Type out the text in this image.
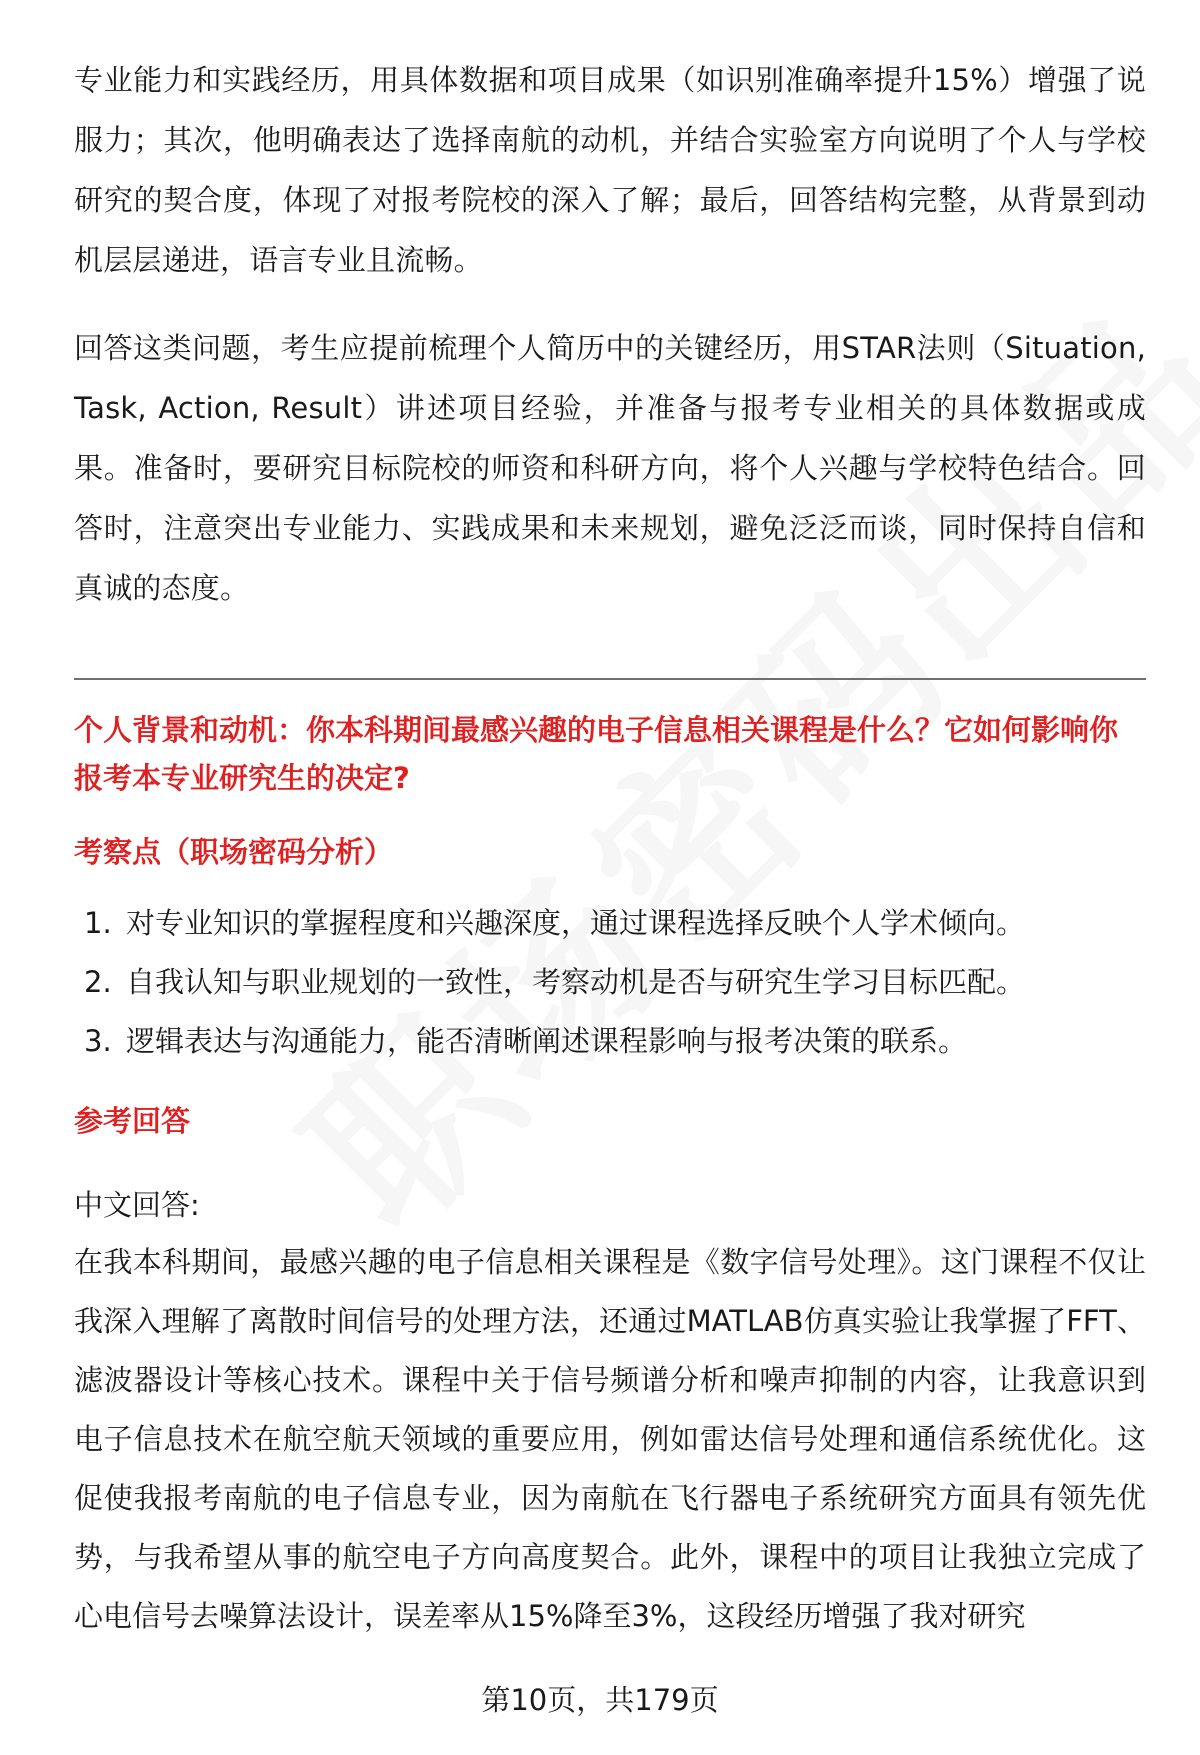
专业能力和实践经历，用具体数据和项目成果（如识别准确率提升15%）增强了说服力；其次，他明确表达了选择南航的动机，并结合实验室方向说明了个人与学校研究的契合度，体现了对报考院校的深入了解；最后，回答结构完整，从背景到动机层层递进，语言专业且流畅。

回答这类问题，考生应提前梳理个人简历中的关键经历，用STAR法则（Situation, Task, Action, Result）讲述项目经验，并准备与报考专业相关的具体数据或成果。准备时，要研究目标院校的师资和科研方向，将个人兴趣与学校特色结合。回答时，注意突出专业能力、实践成果和未来规划，避免泛泛而谈，同时保持自信和真诚的态度。

个人背景和动机：你本科期间最感兴趣的电子信息相关课程是什么？它如何影响你报考本专业研究生的决定?

考察点（职场密码分析）

1. 对专业知识的掌握程度和兴趣深度，通过课程选择反映个人学术倾向。
2. 自我认知与职业规划的一致性，考察动机是否与研究生学习目标匹配。
3. 逻辑表达与沟通能力，能否清晰阐述课程影响与报考决策的联系。

参考回答

中文回答:

在我本科期间，最感兴趣的电子信息相关课程是《数字信号处理》。这门课程不仅让我深入理解了离散时间信号的处理方法，还通过MATLAB仿真实验让我掌握了FFT、滤波器设计等核心技术。课程中关于信号频谱分析和噪声抑制的内容，让我意识到电子信息技术在航空航天领域的重要应用，例如雷达信号处理和通信系统优化。这促使我报考南航的电子信息专业，因为南航在飞行器电子系统研究方面具有领先优势，与我希望从事的航空电子方向高度契合。此外，课程中的项目让我独立完成了心电信号去噪算法设计，误差率从15%降至3%，这段经历增强了我对研究

第10页，共179页
